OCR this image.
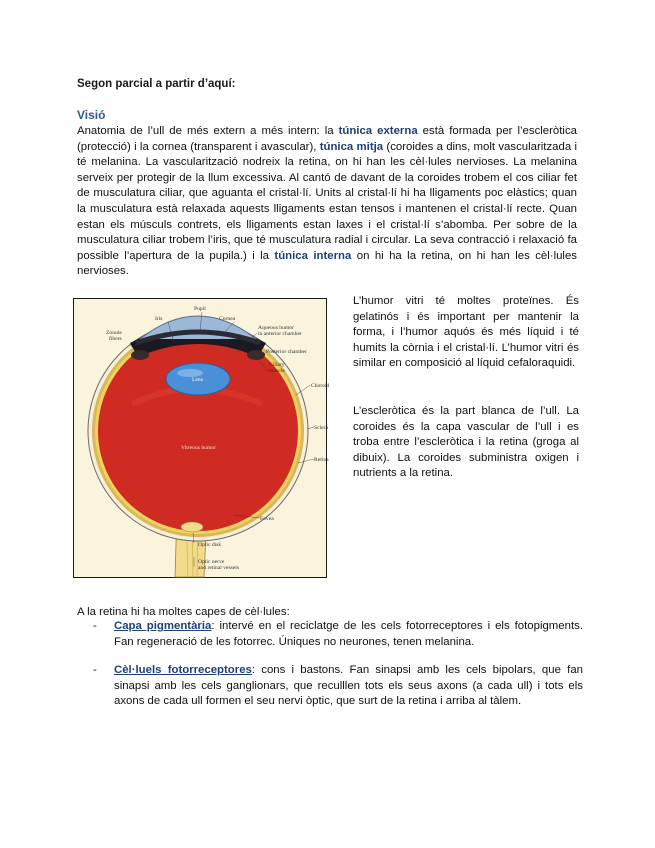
Segon parcial a partir d’aquí:
Visió

Anatomia de l’ull de més extern a més intern: la túnica externa està formada per l’escleròtica (protecció) i la cornea (transparent i avascular), túnica mitja (coroides a dins, molt vascularitzada i té melanina. La vascularització nodreix la retina, on hi han les cèl·lules nervioses. La melanina serveix per protegir de la llum excessiva. Al cantó de davant de la coroides trobem el cos ciliar fet de musculatura ciliar, que aguanta el cristal·lí. Units al cristal·lí hi ha lligaments poc elàstics; quan la musculatura està relaxada aquests lligaments estan tensos i mantenen el cristal·lí recte. Quan estan els músculs contrets, els lligaments estan laxes i el cristal·lí s’abomba. Per sobre de la musculatura ciliar trobem l’iris, que té musculatura radial i circular. La seva contracció i relaxació fa possible l’apertura de la pupila.) i la túnica interna on hi ha la retina, on hi han les cèl·lules nervioses.

Pupil
Iris	Cornea
Zonule
fibers
Aqueous humor
in anterior chamber
Posterior chamber
Ciliary
muscle
Lens
Choroid
Vitreous humor
Sclera
Retina
Fovea
Optic disk
Optic nerve
and retinal vessels

L’humor vitri té moltes proteïnes. És gelatinós i és important per mantenir la forma, i l’humor aquós és més líquid i té humits la còrnia i el cristal·lí. L’humor vitri és similar en composició al líquid cefaloraquidi.

L’escleròtica és la part blanca de l’ull. La coroides és la capa vascular de l’ull i es troba entre l’escleròtica i la retina (groga al dibuix). La coroides subministra oxigen i nutrients a la retina.

A la retina hi ha moltes capes de cèl·lules:

- Capa pigmentària: intervé en el reciclatge de les cels fotorreceptores i els fotopigments. Fan regeneració de les fotorrec. Úniques no neurones, tenen melanina.
- Cèl·luels fotorreceptores: cons i bastons. Fan sinapsi amb les cels bipolars, que fan sinapsi amb les cels ganglionars, que reculllen tots els seus axons (a cada ull) i tots els axons de cada ull formen el seu nervi òptic, que surt de la retina i arriba al tàlem.
